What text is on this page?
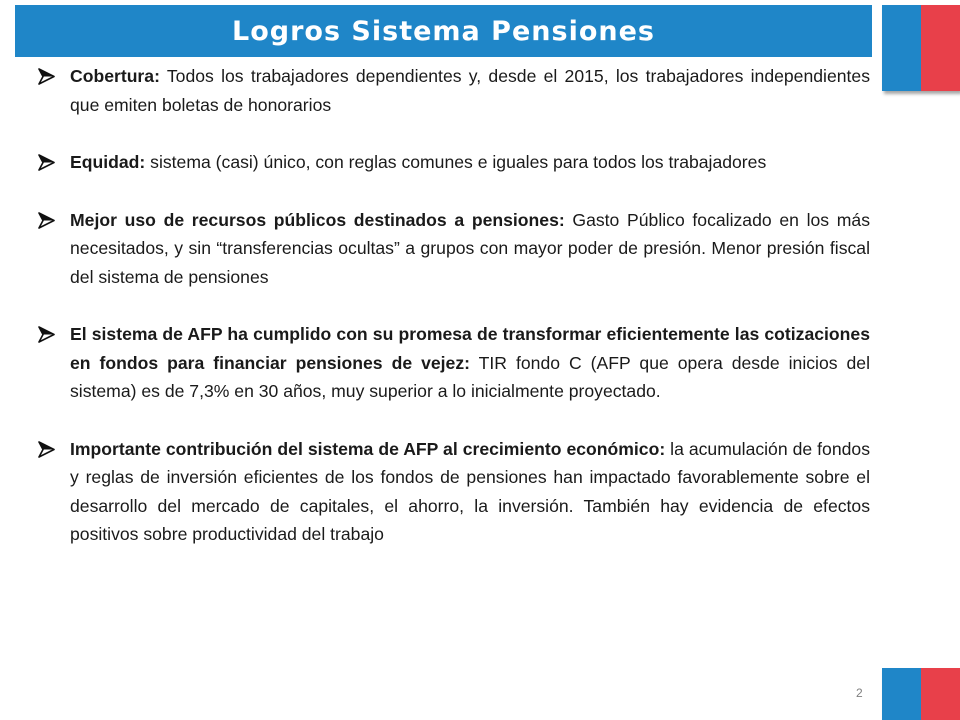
Logros Sistema Pensiones
Cobertura: Todos los trabajadores dependientes y, desde el 2015, los trabajadores independientes que emiten boletas de honorarios
Equidad: sistema (casi) único, con reglas comunes e iguales para todos los trabajadores
Mejor uso de recursos públicos destinados a pensiones: Gasto Público focalizado en los más necesitados, y sin “transferencias ocultas” a grupos con mayor poder de presión. Menor presión fiscal del sistema de pensiones
El sistema de AFP ha cumplido con su promesa de transformar eficientemente las cotizaciones en fondos para financiar pensiones de vejez: TIR fondo C (AFP que opera desde inicios del sistema) es de 7,3% en 30 años, muy superior a lo inicialmente proyectado.
Importante contribución del sistema de AFP al crecimiento económico: la acumulación de fondos y reglas de inversión eficientes de los fondos de pensiones han impactado favorablemente sobre el desarrollo del mercado de capitales, el ahorro, la inversión. También hay evidencia de efectos positivos sobre productividad del trabajo
2
